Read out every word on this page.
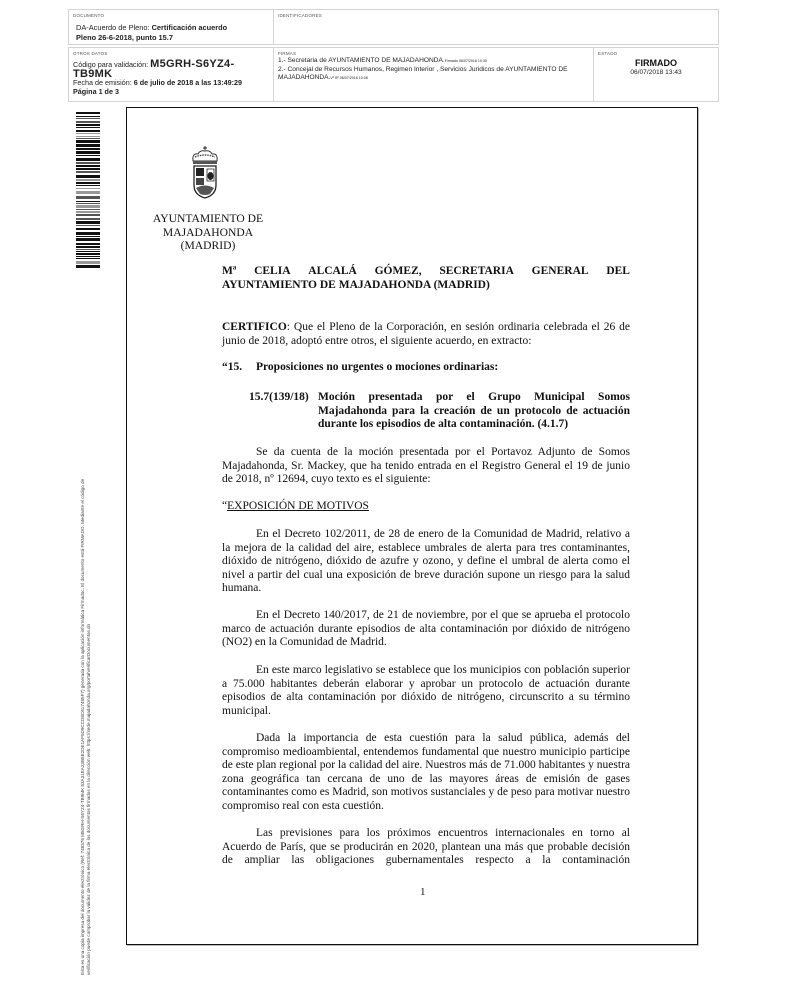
DOCUMENTO
DA-Acuerdo de Pleno: Certificación acuerdo
Pleno 26-6-2018, punto 15.7
IDENTIFICADORES
OTROS DATOS
Código para validación: M5GRH-S6YZ4-TB9MK
Fecha de emisión: 6 de julio de 2018 a las 13:49:29
Página 1 de 3
FIRMAS
1.- Secretaria de AYUNTAMIENTO DE MAJADAHONDA.Firmado 06/07/2018 10:30
2.- Concejal de Recursos Humanos, Regimen Interior , Servicios Juridicos de AYUNTAMIENTO DE
MAJADAHONDA.Vº Bº 06/07/2018 10:08
ESTADO
FIRMADO
06/07/2018 13:43
Esta es una copia impresa del documento electrónico (Ref: 748376 M5GRH-S6YZ4-TB9MK 83A31EA23B8E2DE1AF5D9CCD8C617485F7) generada con la aplicación informática Firmadoc. El documento está FIRMADO. Mediante el código de verificación puede comprobar la validez de la firma electrónica de los documentos firmados en la dirección web: https://sede.majadahonda.org/portalVerificarDocumentos.do
AYUNTAMIENTO DE
MAJADAHONDA
(MADRID)
Mª CELIA ALCALÁ GÓMEZ, SECRETARIA GENERAL DEL
AYUNTAMIENTO DE MAJADAHONDA (MADRID)
CERTIFICO: Que el Pleno de la Corporación, en sesión ordinaria celebrada el 26 de junio de 2018, adoptó entre otros, el siguiente acuerdo, en extracto:
“15. Proposiciones no urgentes o mociones ordinarias:
15.7(139/18) Moción presentada por el Grupo Municipal Somos Majadahonda para la creación de un protocolo de actuación durante los episodios de alta contaminación. (4.1.7)

Se da cuenta de la moción presentada por el Portavoz Adjunto de Somos Majadahonda, Sr. Mackey, que ha tenido entrada en el Registro General el 19 de junio de 2018, nº 12694, cuyo texto es el siguiente:

“EXPOSICIÓN DE MOTIVOS

En el Decreto 102/2011, de 28 de enero de la Comunidad de Madrid, relativo a la mejora de la calidad del aire, establece umbrales de alerta para tres contaminantes, dióxido de nitrógeno, dióxido de azufre y ozono, y define el umbral de alerta como el nivel a partir del cual una exposición de breve duración supone un riesgo para la salud humana.

En el Decreto 140/2017, de 21 de noviembre, por el que se aprueba el protocolo marco de actuación durante episodios de alta contaminación por dióxido de nitrógeno (NO2) en la Comunidad de Madrid.

En este marco legislativo se establece que los municipios con población superior a 75.000 habitantes deberán elaborar y aprobar un protocolo de actuación durante episodios de alta contaminación por dióxido de nitrógeno, circunscrito a su término municipal.

Dada la importancia de esta cuestión para la salud pública, además del compromiso medioambiental, entendemos fundamental que nuestro municipio participe de este plan regional por la calidad del aire. Nuestros más de 71.000 habitantes y nuestra zona geográfica tan cercana de uno de las mayores áreas de emisión de gases contaminantes como es Madrid, son motivos sustanciales y de peso para motivar nuestro compromiso real con esta cuestión.

Las previsiones para los próximos encuentros internacionales en torno al Acuerdo de París, que se producirán en 2020, plantean una más que probable decisión de ampliar las obligaciones gubernamentales respecto a la contaminación

1
